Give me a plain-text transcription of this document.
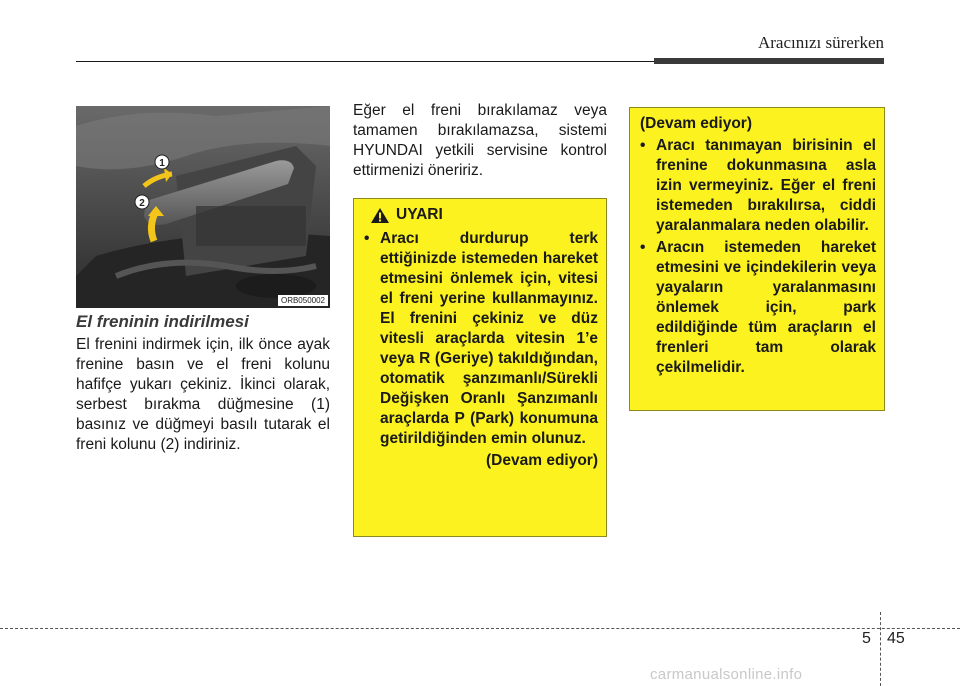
Aracınızı sürerken
1
2
ORB050002
El freninin indirilmesi
El frenini indirmek için, ilk önce ayak frenine basın ve el freni kolunu hafifçe yukarı çekiniz. İkinci olarak, serbest bırakma düğmesine (1) basınız ve düğmeyi basılı tutarak el freni kolunu (2) indiriniz.
Eğer el freni bırakılamaz veya tamamen bırakılamazsa, sistemi HYUNDAI yetkili servisine kontrol ettirmenizi öneririz.
UYARI
• Aracı durdurup terk ettiğinizde istemeden hareket etmesini önlemek için, vitesi el freni yerine kullanmayınız. El frenini çekiniz ve düz vitesli araçlarda vitesin 1’e veya R (Geriye) takıldığından, otomatik şanzımanlı/Sürekli Değişken Oranlı Şanzımanlı araçlarda P (Park) konumuna getirildiğinden emin olunuz.
(Devam ediyor)
(Devam ediyor)
• Aracı tanımayan birisinin el frenine dokunmasına asla izin vermeyiniz. Eğer el freni istemeden bırakılırsa, ciddi yaralanmalara neden olabilir.
• Aracın istemeden hareket etmesini ve içindekilerin veya yayaların yaralanmasını önlemek için, park edildiğinde tüm araçların el frenleri tam olarak çekilmelidir.
5 45
carmanualsonline.info
